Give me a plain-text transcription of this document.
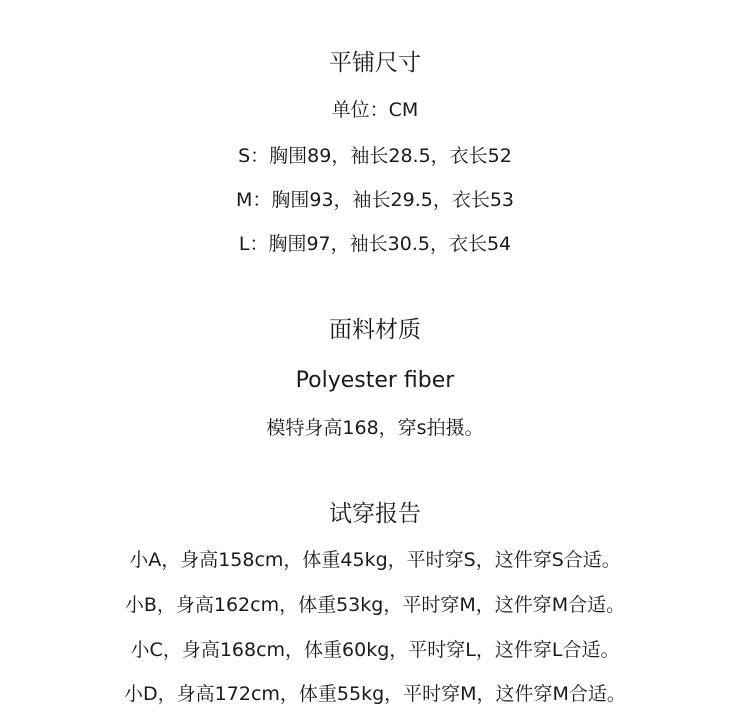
平铺尺寸
单位：CM
S：胸围89，袖长28.5，衣长52
M：胸围93，袖长29.5，衣长53
L：胸围97，袖长30.5，衣长54
面料材质
Polyester fiber
模特身高168，穿s拍摄。
试穿报告
小A，身高158cm，体重45kg，平时穿S，这件穿S合适。
小B，身高162cm，体重53kg，平时穿M，这件穿M合适。
小C，身高168cm，体重60kg，平时穿L，这件穿L合适。
小D，身高172cm，体重55kg，平时穿M，这件穿M合适。
